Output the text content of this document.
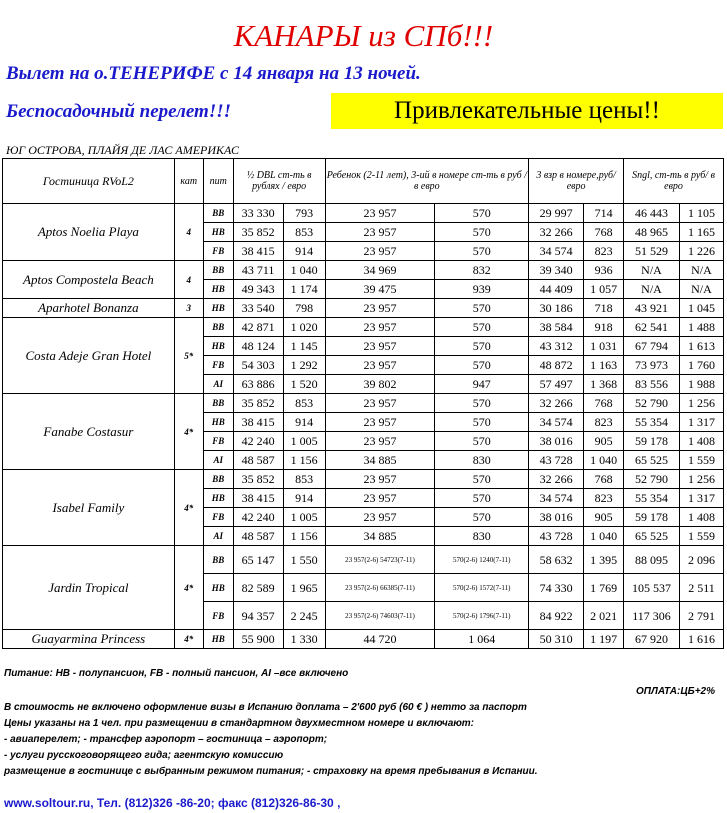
КАНАРЫ из СПб!!!
Вылет на о.ТЕНЕРИФЕ с 14 января на 13 ночей.
Беспосадочный перелет!!!	Привлекательные цены!!
ЮГ ОСТРОВА, ПЛАЙЯ ДЕ ЛАС АМЕРИКАС
Гостиница RVoL2	кат	пит	½ DBL ст-ть в рублях / евро		Ребенок (2-11 лет), 3-ий в номере ст-ть в руб / в евро		3 взр в номере,руб/евро		Sngl, ст-ть в руб/ в евро	
Aptos Noelia Playa	4	BB	33 330	793	23 957	570	29 997	714	46 443	1 105
		HB	35 852	853	23 957	570	32 266	768	48 965	1 165
		FB	38 415	914	23 957	570	34 574	823	51 529	1 226
Aptos Compostela Beach	4	BB	43 711	1 040	34 969	832	39 340	936	N/A	N/A
		HB	49 343	1 174	39 475	939	44 409	1 057	N/A	N/A
Aparhotel Bonanza	3	HB	33 540	798	23 957	570	30 186	718	43 921	1 045
Costa Adeje Gran Hotel	5*	BB	42 871	1 020	23 957	570	38 584	918	62 541	1 488
		HB	48 124	1 145	23 957	570	43 312	1 031	67 794	1 613
		FB	54 303	1 292	23 957	570	48 872	1 163	73 973	1 760
		AI	63 886	1 520	39 802	947	57 497	1 368	83 556	1 988
Fanabe Costasur	4*	BB	35 852	853	23 957	570	32 266	768	52 790	1 256
		HB	38 415	914	23 957	570	34 574	823	55 354	1 317
		FB	42 240	1 005	23 957	570	38 016	905	59 178	1 408
		AI	48 587	1 156	34 885	830	43 728	1 040	65 525	1 559
Isabel Family	4*	BB	35 852	853	23 957	570	32 266	768	52 790	1 256
		HB	38 415	914	23 957	570	34 574	823	55 354	1 317
		FB	42 240	1 005	23 957	570	38 016	905	59 178	1 408
		AI	48 587	1 156	34 885	830	43 728	1 040	65 525	1 559
Jardin Tropical	4*	BB	65 147	1 550	23 957(2-6) 54723(7-11)	570(2-6) 1240(7-11)	58 632	1 395	88 095	2 096
		HB	82 589	1 965	23 957(2-6) 66385(7-11)	570(2-6) 1572(7-11)	74 330	1 769	105 537	2 511
		FB	94 357	2 245	23 957(2-6) 74603(7-11)	570(2-6) 1796(7-11)	84 922	2 021	117 306	2 791
Guayarmina Princess	4*	HB	55 900	1 330	44 720	1 064	50 310	1 197	67 920	1 616
Питание: HB - полупансион, FB - полный пансион, AI –все включено
ОПЛАТА:ЦБ+2%
В стоимость не включено оформление визы в Испанию доплата – 2'600 руб (60 € ) нетто за паспорт
Цены указаны на 1 чел. при размещении в стандартном двухместном номере и включают:
- авиаперелет; - трансфер аэропорт – гостиница – аэропорт;
- услуги русскоговорящего гида; агентскую комиссию
размещение в гостинице с выбранным режимом питания; - страховку на время пребывания в Испании.
www.soltour.ru, Тел. (812)326 -86-20; факс (812)326-86-30 ,
